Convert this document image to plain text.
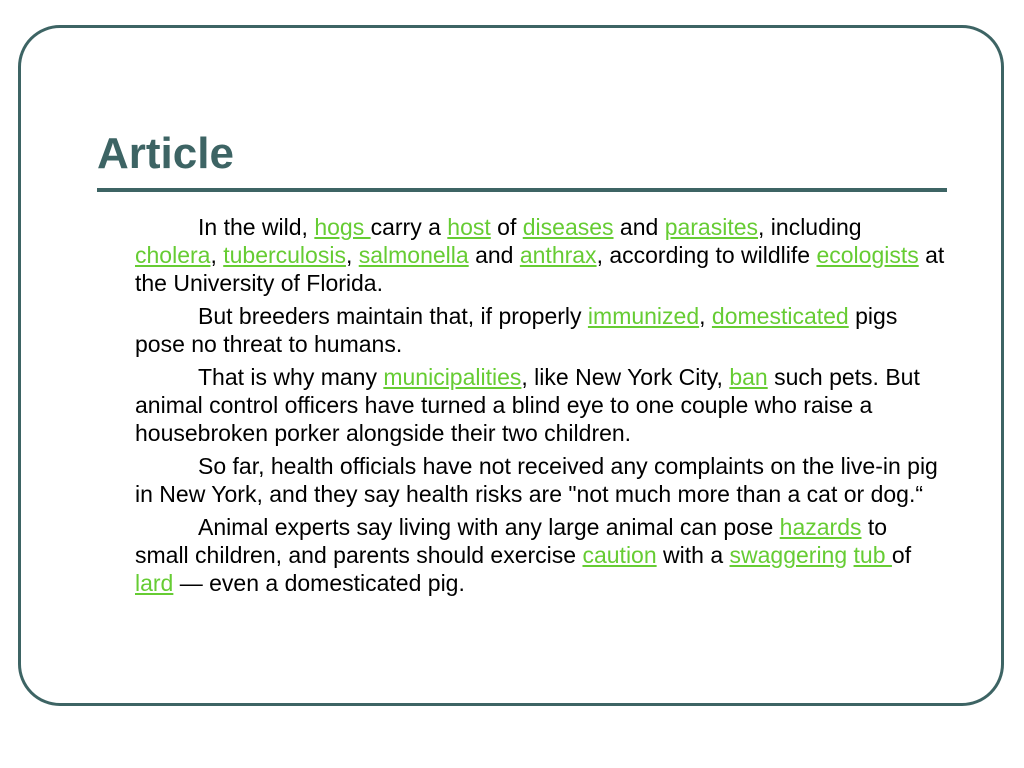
Article

In the wild, hogs carry a host of diseases and parasites, including cholera, tuberculosis, salmonella and anthrax, according to wildlife ecologists at the University of Florida.

But breeders maintain that, if properly immunized, domesticated pigs pose no threat to humans.

That is why many municipalities, like New York City, ban such pets. But animal control officers have turned a blind eye to one couple who raise a housebroken porker alongside their two children.

So far, health officials have not received any complaints on the live-in pig in New York, and they say health risks are "not much more than a cat or dog.“

Animal experts say living with any large animal can pose hazards to small children, and parents should exercise caution with a swaggering tub of lard — even a domesticated pig.
